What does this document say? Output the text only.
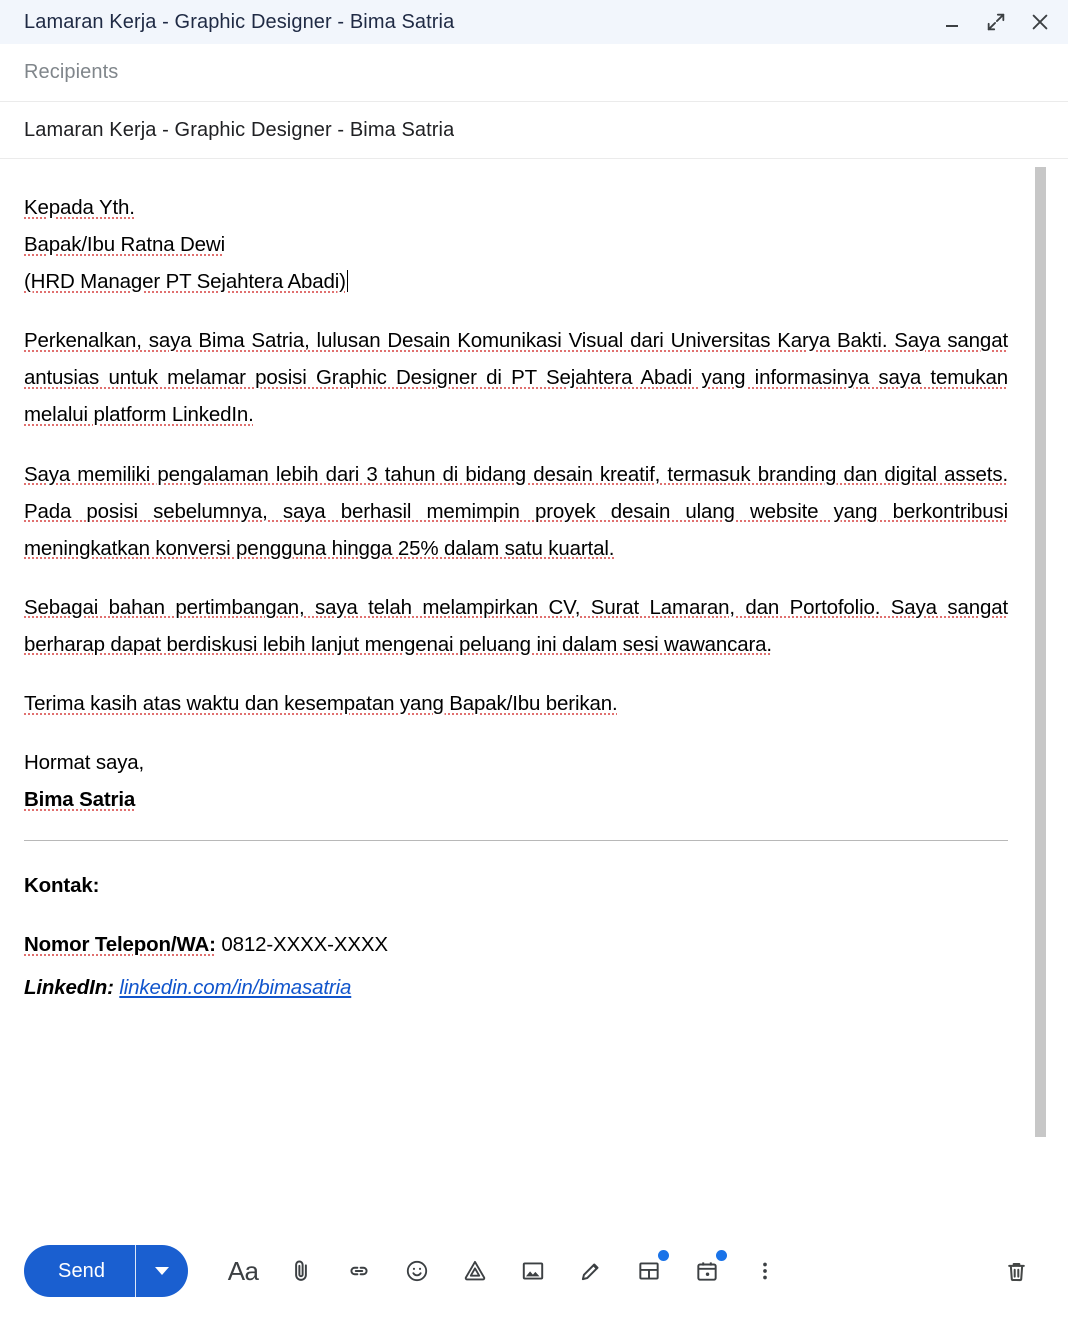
Lamaran Kerja - Graphic Designer - Bima Satria
Recipients
Lamaran Kerja - Graphic Designer - Bima Satria
Kepada Yth.
Bapak/Ibu Ratna Dewi
(HRD Manager PT Sejahtera Abadi)
Perkenalkan, saya Bima Satria, lulusan Desain Komunikasi Visual dari Universitas Karya Bakti. Saya sangat antusias untuk melamar posisi Graphic Designer di PT Sejahtera Abadi yang informasinya saya temukan melalui platform LinkedIn.
Saya memiliki pengalaman lebih dari 3 tahun di bidang desain kreatif, termasuk branding dan digital assets. Pada posisi sebelumnya, saya berhasil memimpin proyek desain ulang website yang berkontribusi meningkatkan konversi pengguna hingga 25% dalam satu kuartal.
Sebagai bahan pertimbangan, saya telah melampirkan CV, Surat Lamaran, dan Portofolio. Saya sangat berharap dapat berdiskusi lebih lanjut mengenai peluang ini dalam sesi wawancara.
Terima kasih atas waktu dan kesempatan yang Bapak/Ibu berikan.
Hormat saya,
Bima Satria
Kontak:
Nomor Telepon/WA: 0812-XXXX-XXXX
LinkedIn: linkedin.com/in/bimasatria
Send	Aa
